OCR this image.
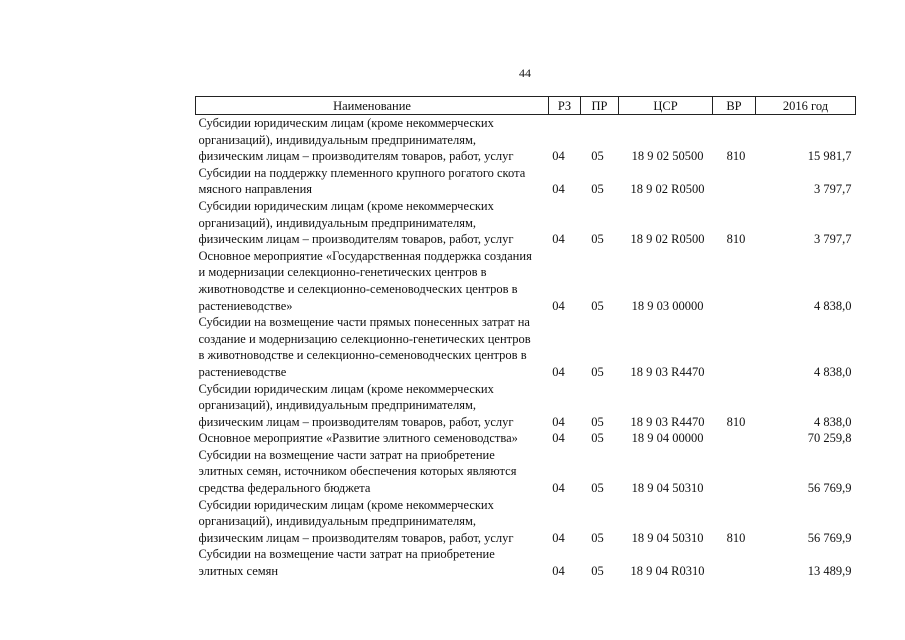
44
Наименование	РЗ	ПР	ЦСР	ВР	2016 год
Субсидии юридическим лицам (кроме некоммерческих
организаций), индивидуальным предпринимателям,
физическим лицам – производителям товаров, работ, услуг	04	05	18 9 02 50500	810	15 981,7
Субсидии на поддержку племенного крупного рогатого скота
мясного направления	04	05	18 9 02 R0500		3 797,7
Субсидии юридическим лицам (кроме некоммерческих
организаций), индивидуальным предпринимателям,
физическим лицам – производителям товаров, работ, услуг	04	05	18 9 02 R0500	810	3 797,7
Основное мероприятие «Государственная поддержка создания
и модернизации селекционно-генетических центров в
животноводстве и селекционно-семеноводческих центров в
растениеводстве»	04	05	18 9 03 00000		4 838,0
Субсидии на возмещение части прямых понесенных затрат на
создание и модернизацию селекционно-генетических центров
в животноводстве и селекционно-семеноводческих центров в
растениеводстве	04	05	18 9 03 R4470		4 838,0
Субсидии юридическим лицам (кроме некоммерческих
организаций), индивидуальным предпринимателям,
физическим лицам – производителям товаров, работ, услуг	04	05	18 9 03 R4470	810	4 838,0
Основное мероприятие «Развитие элитного семеноводства»	04	05	18 9 04 00000		70 259,8
Субсидии на возмещение части затрат на приобретение
элитных семян, источником обеспечения которых являются
средства федерального бюджета	04	05	18 9 04 50310		56 769,9
Субсидии юридическим лицам (кроме некоммерческих
организаций), индивидуальным предпринимателям,
физическим лицам – производителям товаров, работ, услуг	04	05	18 9 04 50310	810	56 769,9
Субсидии на возмещение части затрат на приобретение
элитных семян	04	05	18 9 04 R0310		13 489,9
